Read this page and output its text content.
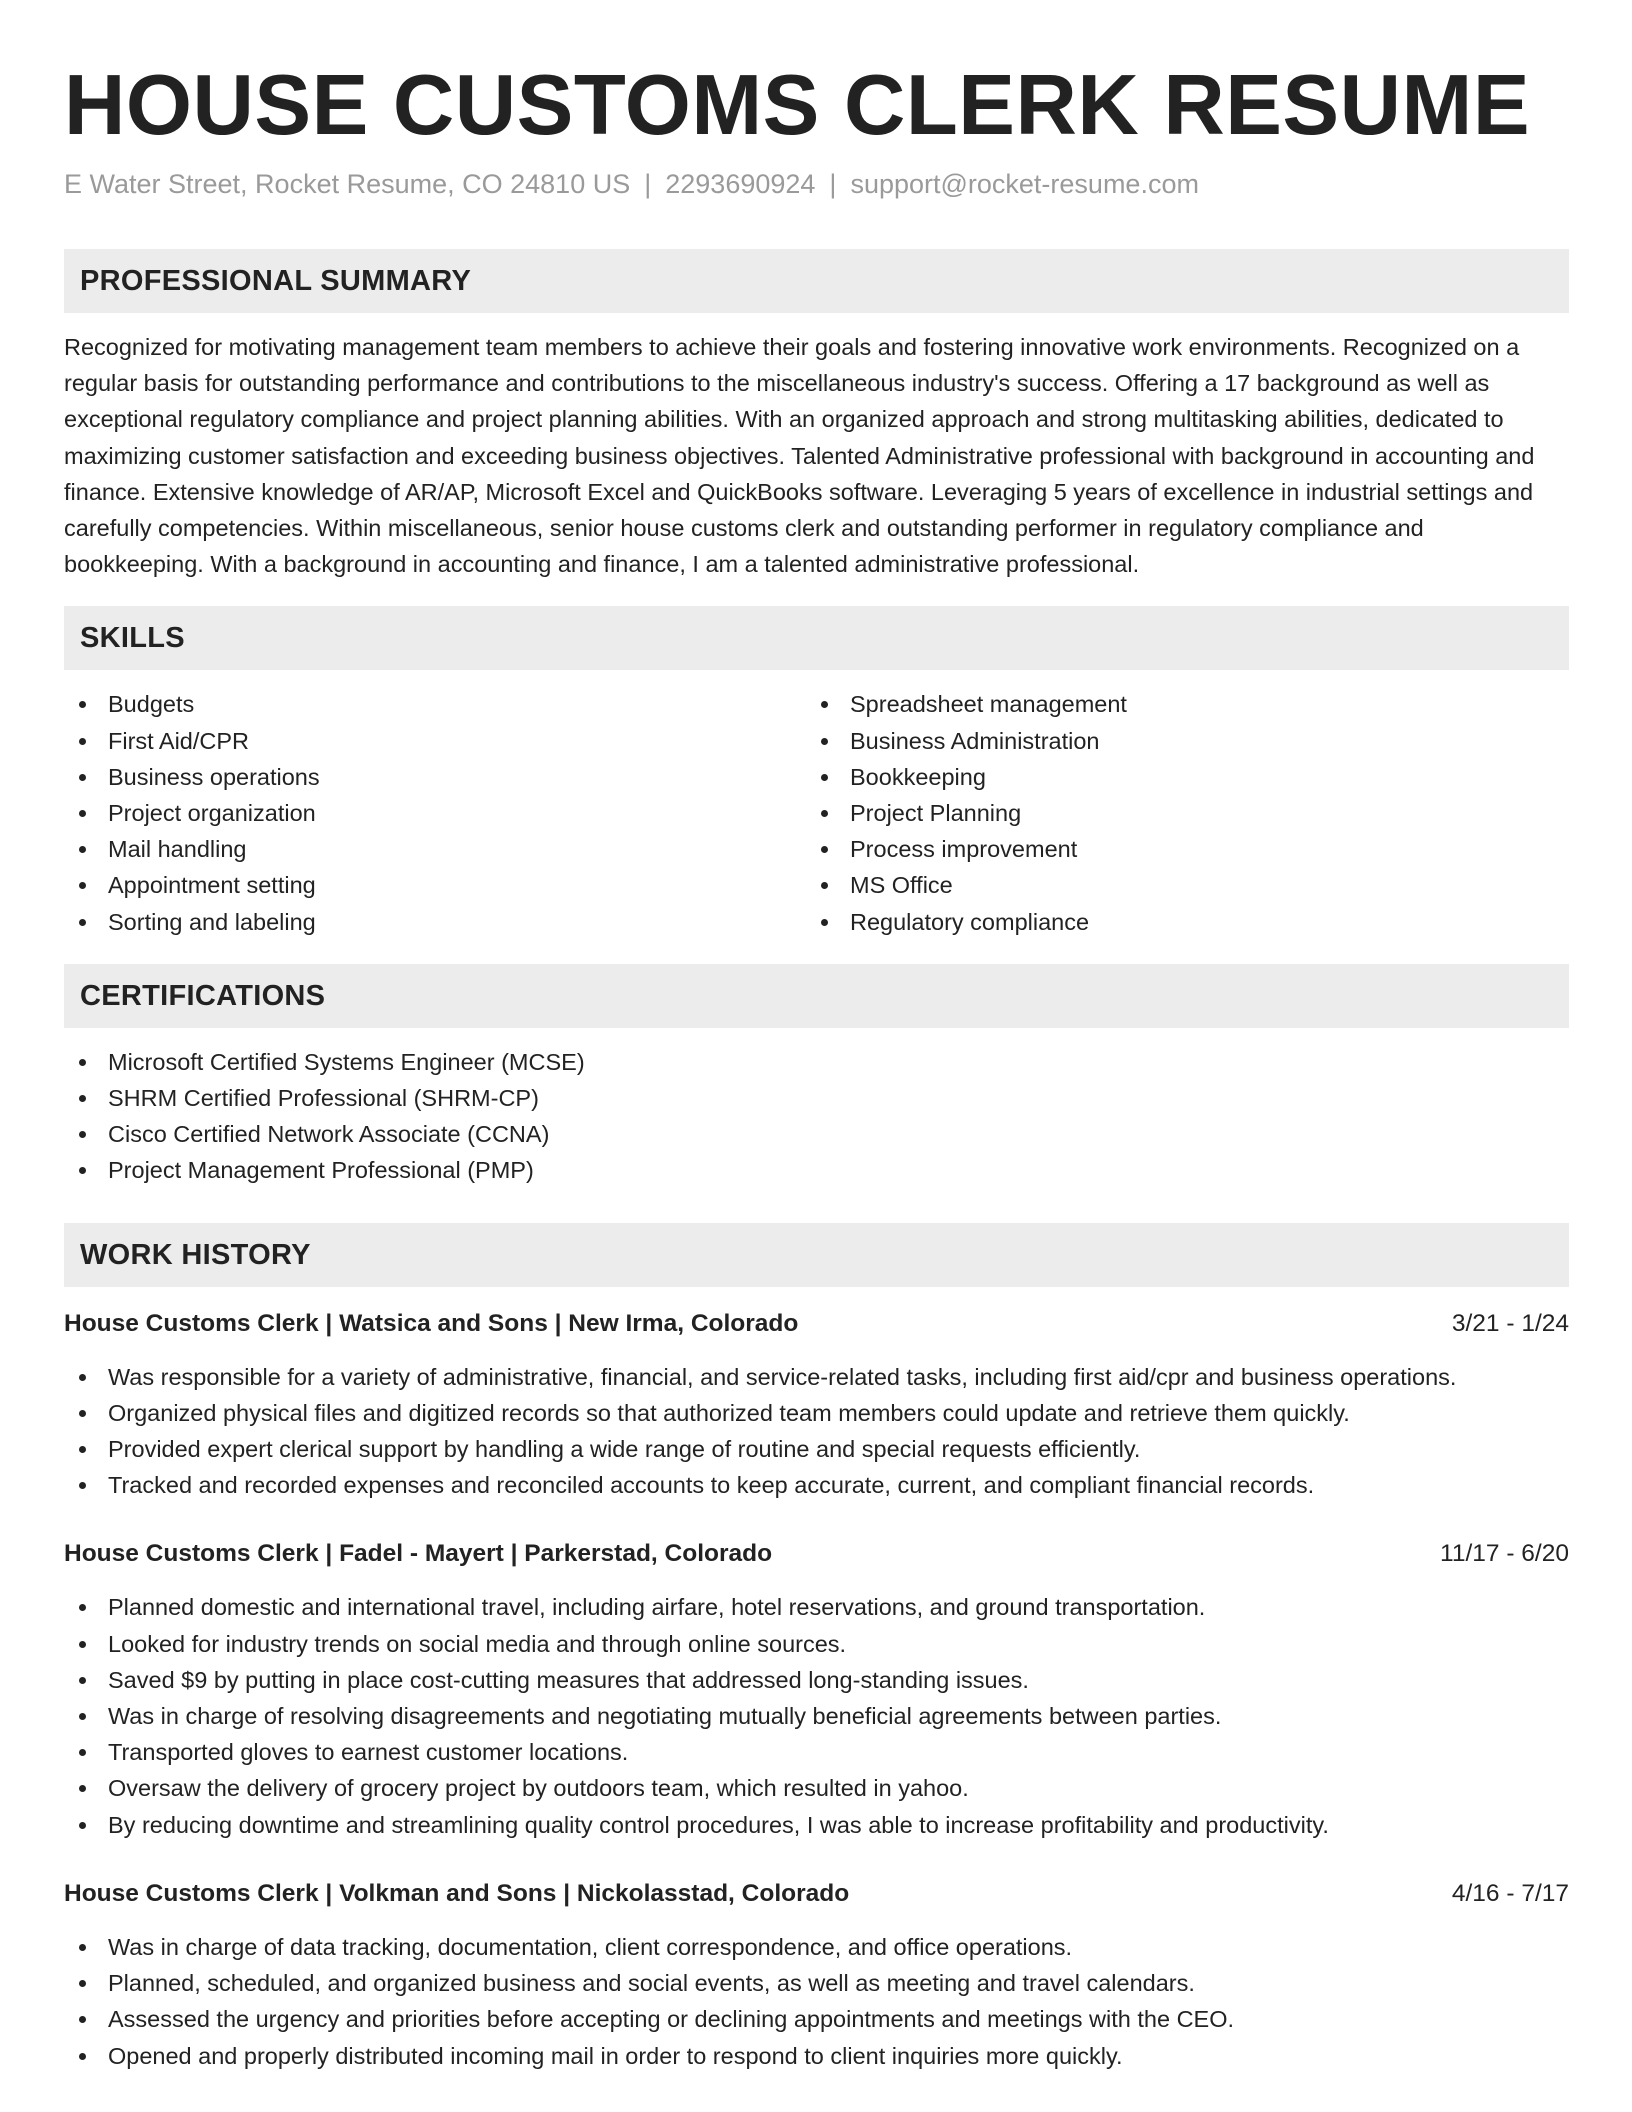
HOUSE CUSTOMS CLERK RESUME
E Water Street, Rocket Resume, CO 24810 US | 2293690924 | support@rocket-resume.com
PROFESSIONAL SUMMARY

Recognized for motivating management team members to achieve their goals and fostering innovative work environments. Recognized on a regular basis for outstanding performance and contributions to the miscellaneous industry's success. Offering a 17 background as well as exceptional regulatory compliance and project planning abilities. With an organized approach and strong multitasking abilities, dedicated to maximizing customer satisfaction and exceeding business objectives. Talented Administrative professional with background in accounting and finance. Extensive knowledge of AR/AP, Microsoft Excel and QuickBooks software. Leveraging 5 years of excellence in industrial settings and carefully competencies. Within miscellaneous, senior house customs clerk and outstanding performer in regulatory compliance and bookkeeping. With a background in accounting and finance, I am a talented administrative professional.

SKILLS
Budgets
First Aid/CPR
Business operations
Project organization
Mail handling
Appointment setting
Sorting and labeling
Spreadsheet management
Business Administration
Bookkeeping
Project Planning
Process improvement
MS Office
Regulatory compliance
CERTIFICATIONS
Microsoft Certified Systems Engineer (MCSE)
SHRM Certified Professional (SHRM-CP)
Cisco Certified Network Associate (CCNA)
Project Management Professional (PMP)
WORK HISTORY
House Customs Clerk | Watsica and Sons | New Irma, Colorado	3/21 - 1/24
Was responsible for a variety of administrative, financial, and service-related tasks, including first aid/cpr and business operations.
Organized physical files and digitized records so that authorized team members could update and retrieve them quickly.
Provided expert clerical support by handling a wide range of routine and special requests efficiently.
Tracked and recorded expenses and reconciled accounts to keep accurate, current, and compliant financial records.
House Customs Clerk | Fadel - Mayert | Parkerstad, Colorado	11/17 - 6/20
Planned domestic and international travel, including airfare, hotel reservations, and ground transportation.
Looked for industry trends on social media and through online sources.
Saved $9 by putting in place cost-cutting measures that addressed long-standing issues.
Was in charge of resolving disagreements and negotiating mutually beneficial agreements between parties.
Transported gloves to earnest customer locations.
Oversaw the delivery of grocery project by outdoors team, which resulted in yahoo.
By reducing downtime and streamlining quality control procedures, I was able to increase profitability and productivity.
House Customs Clerk | Volkman and Sons | Nickolasstad, Colorado	4/16 - 7/17
Was in charge of data tracking, documentation, client correspondence, and office operations.
Planned, scheduled, and organized business and social events, as well as meeting and travel calendars.
Assessed the urgency and priorities before accepting or declining appointments and meetings with the CEO.
Opened and properly distributed incoming mail in order to respond to client inquiries more quickly.
